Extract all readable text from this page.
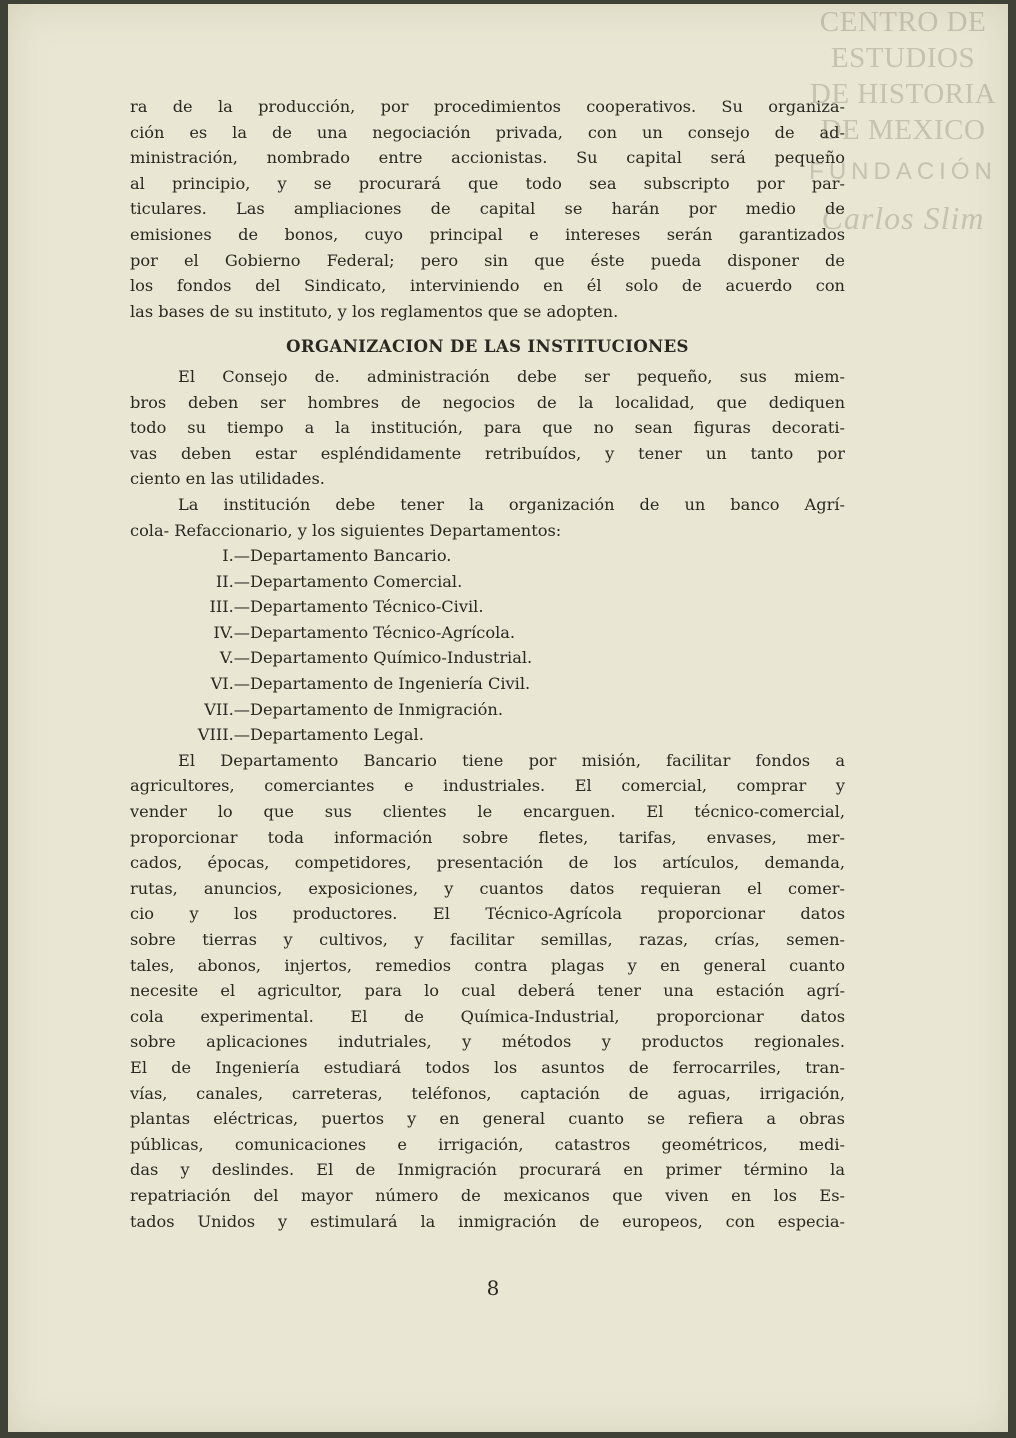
CENTRO DE
ESTUDIOS
DE HISTORIA
DE MEXICO
FUNDACIÓN
Carlos Slim
ra de la producción, por procedimientos cooperativos. Su organiza-
ción es la de una negociación privada, con un consejo de ad-
ministración, nombrado entre accionistas. Su capital será pequeño
al principio, y se procurará que todo sea subscripto por par-
ticulares. Las ampliaciones de capital se harán por medio de
emisiones de bonos, cuyo principal e intereses serán garantizados
por el Gobierno Federal; pero sin que éste pueda disponer de
los fondos del Sindicato, interviniendo en él solo de acuerdo con
las bases de su instituto, y los reglamentos que se adopten.
ORGANIZACION DE LAS INSTITUCIONES
El Consejo de. administración debe ser pequeño, sus miem-
bros deben ser hombres de negocios de la localidad, que dediquen
todo su tiempo a la institución, para que no sean figuras decorati-
vas deben estar espléndidamente retribuídos, y tener un tanto por
ciento en las utilidades.
La institución debe tener la organización de un banco Agrí-
cola- Refaccionario, y los siguientes Departamentos:
I.— Departamento Bancario.
II.— Departamento Comercial.
III.— Departamento Técnico-Civil.
IV.— Departamento Técnico-Agrícola.
V.— Departamento Químico-Industrial.
VI.— Departamento de Ingeniería Civil.
VII.— Departamento de Inmigración.
VIII.— Departamento Legal.
El Departamento Bancario tiene por misión, facilitar fondos a
agricultores, comerciantes e industriales. El comercial, comprar y
vender lo que sus clientes le encarguen. El técnico-comercial,
proporcionar toda información sobre fletes, tarifas, envases, mer-
cados, épocas, competidores, presentación de los artículos, demanda,
rutas, anuncios, exposiciones, y cuantos datos requieran el comer-
cio y los productores. El Técnico-Agrícola proporcionar datos
sobre tierras y cultivos, y facilitar semillas, razas, crías, semen-
tales, abonos, injertos, remedios contra plagas y en general cuanto
necesite el agricultor, para lo cual deberá tener una estación agrí-
cola experimental. El de Química-Industrial, proporcionar datos
sobre aplicaciones indutriales, y métodos y productos regionales.
El de Ingeniería estudiará todos los asuntos de ferrocarriles, tran-
vías, canales, carreteras, teléfonos, captación de aguas, irrigación,
plantas eléctricas, puertos y en general cuanto se refiera a obras
públicas, comunicaciones e irrigación, catastros geométricos, medi-
das y deslindes. El de Inmigración procurará en primer término la
repatriación del mayor número de mexicanos que viven en los Es-
tados Unidos y estimulará la inmigración de europeos, con especia-
8
